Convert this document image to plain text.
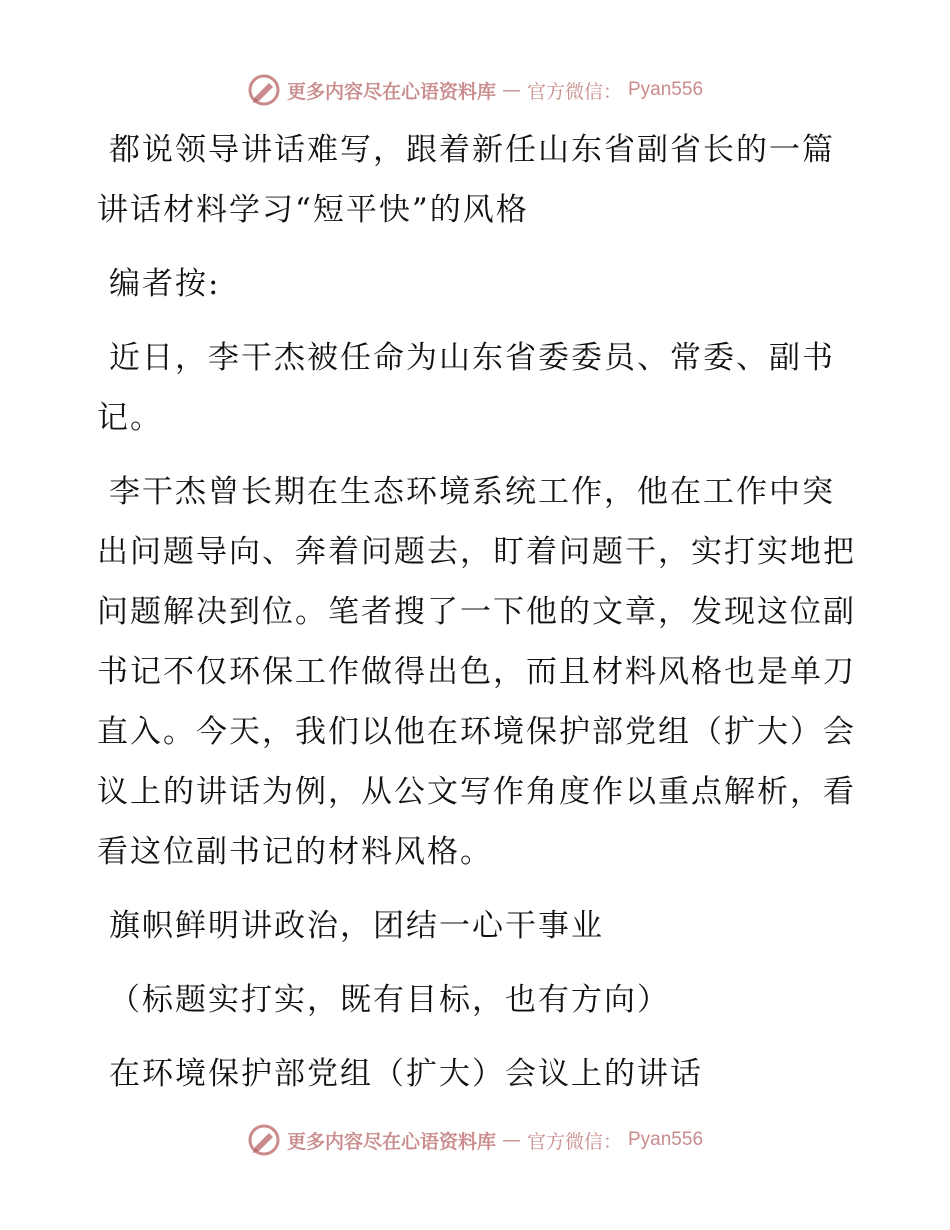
更多内容尽在心语资料库 — 官方微信： Pyan556

都说领导讲话难写，跟着新任山东省副省长的一篇讲话材料学习“短平快”的风格

编者按:

近日，李干杰被任命为山东省委委员、常委、副书记。

李干杰曾长期在生态环境系统工作，他在工作中突出问题导向、奔着问题去，盯着问题干，实打实地把问题解决到位。笔者搜了一下他的文章，发现这位副书记不仅环保工作做得出色，而且材料风格也是单刀直入。今天，我们以他在环境保护部党组（扩大）会议上的讲话为例，从公文写作角度作以重点解析，看看这位副书记的材料风格。

旗帜鲜明讲政治，团结一心干事业

（标题实打实，既有目标，也有方向）

在环境保护部党组（扩大）会议上的讲话

更多内容尽在心语资料库 — 官方微信： Pyan556
